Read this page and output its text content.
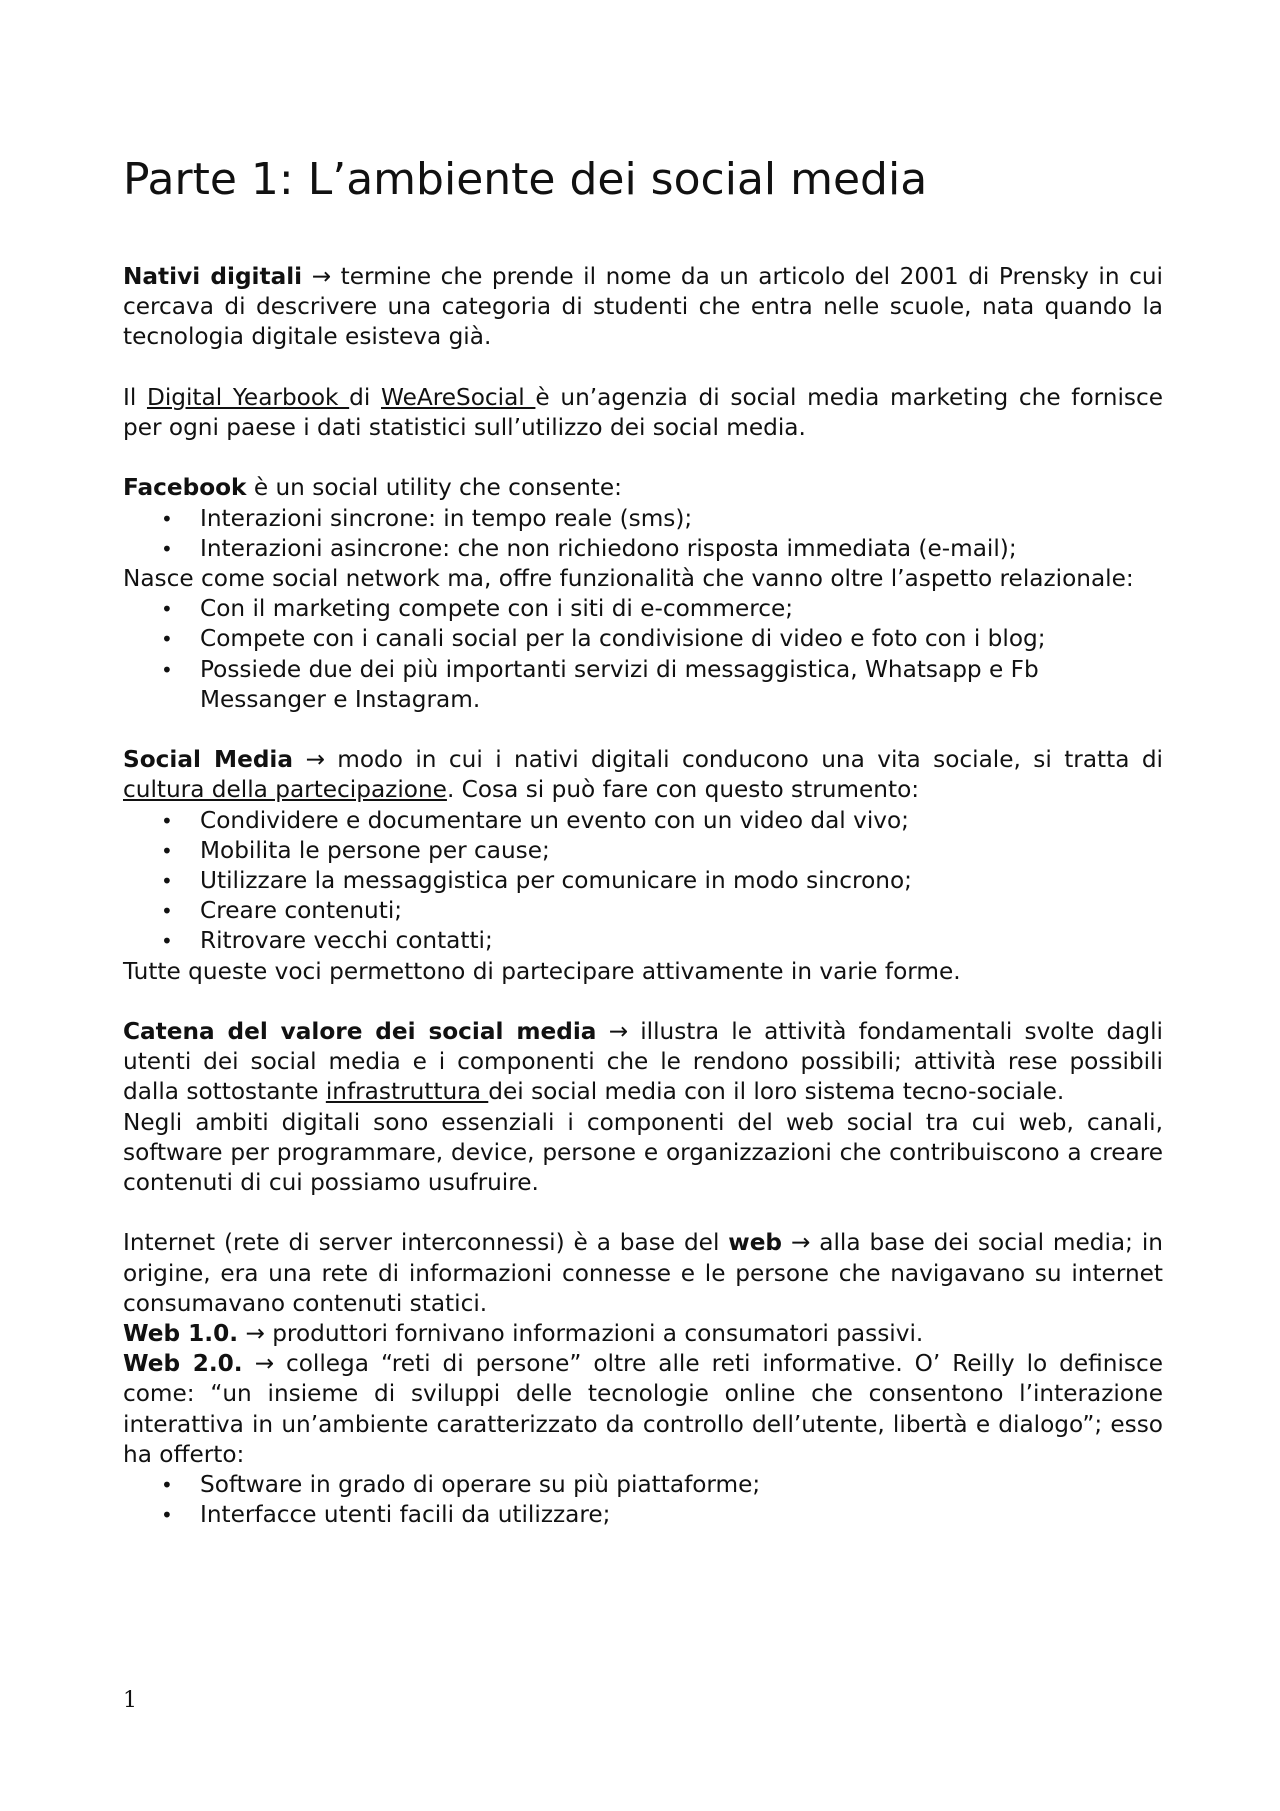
Parte 1: L’ambiente dei social media

Nativi digitali → termine che prende il nome da un articolo del 2001 di Prensky in cui cercava di descrivere una categoria di studenti che entra nelle scuole, nata quando la tecnologia digitale esisteva già.

Il Digital Yearbook di WeAreSocial è un’agenzia di social media marketing che fornisce per ogni paese i dati statistici sull’utilizzo dei social media.

Facebook è un social utility che consente:

• Interazioni sincrone: in tempo reale (sms);
• Interazioni asincrone: che non richiedono risposta immediata (e-mail);

Nasce come social network ma, offre funzionalità che vanno oltre l’aspetto relazionale:

• Con il marketing compete con i siti di e-commerce;
• Compete con i canali social per la condivisione di video e foto con i blog;
• Possiede due dei più importanti servizi di messaggistica, Whatsapp e Fb Messanger e Instagram.

Social Media → modo in cui i nativi digitali conducono una vita sociale, si tratta di cultura della partecipazione. Cosa si può fare con questo strumento:

• Condividere e documentare un evento con un video dal vivo;
• Mobilita le persone per cause;
• Utilizzare la messaggistica per comunicare in modo sincrono;
• Creare contenuti;
• Ritrovare vecchi contatti;

Tutte queste voci permettono di partecipare attivamente in varie forme.

Catena del valore dei social media → illustra le attività fondamentali svolte dagli utenti dei social media e i componenti che le rendono possibili; attività rese possibili dalla sottostante infrastruttura dei social media con il loro sistema tecno-sociale.

Negli ambiti digitali sono essenziali i componenti del web social tra cui web, canali, software per programmare, device, persone e organizzazioni che contribuiscono a creare contenuti di cui possiamo usufruire.

Internet (rete di server interconnessi) è a base del web → alla base dei social media; in origine, era una rete di informazioni connesse e le persone che navigavano su internet consumavano contenuti statici.

Web 1.0. → produttori fornivano informazioni a consumatori passivi.

Web 2.0. → collega “reti di persone” oltre alle reti informative. O’ Reilly lo definisce come: “un insieme di sviluppi delle tecnologie online che consentono l’interazione interattiva in un’ambiente caratterizzato da controllo dell’utente, libertà e dialogo”; esso ha offerto:

• Software in grado di operare su più piattaforme;
• Interfacce utenti facili da utilizzare;
1
